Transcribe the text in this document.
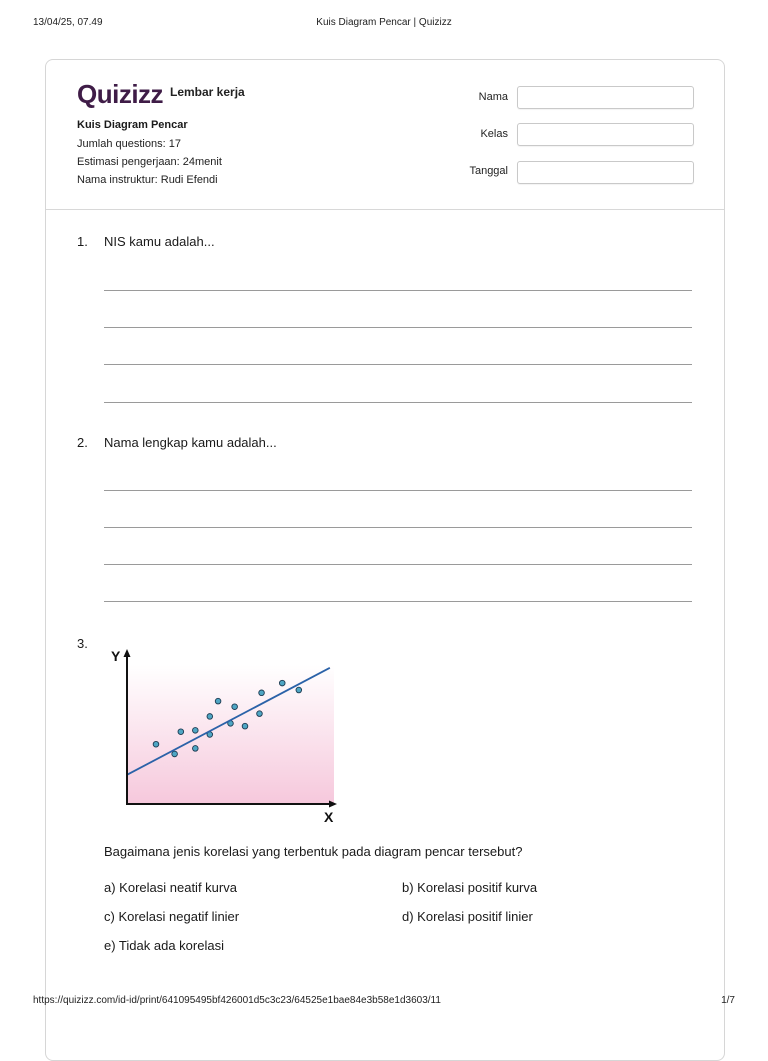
13/04/25, 07.49	Kuis Diagram Pencar | Quizizz
Quizizz Lembar kerja
Kuis Diagram Pencar
Jumlah questions: 17
Estimasi pengerjaan: 24menit
Nama instruktur: Rudi Efendi
Nama
Kelas
Tanggal
1. NIS kamu adalah...
2. Nama lengkap kamu adalah...
3.
Y
X
Bagaimana jenis korelasi yang terbentuk pada diagram pencar tersebut?
a) Korelasi neatif kurva	b) Korelasi positif kurva
c) Korelasi negatif linier	d) Korelasi positif linier
e) Tidak ada korelasi
https://quizizz.com/id-id/print/641095495bf426001d5c3c23/64525e1bae84e3b58e1d3603/11	1/7
